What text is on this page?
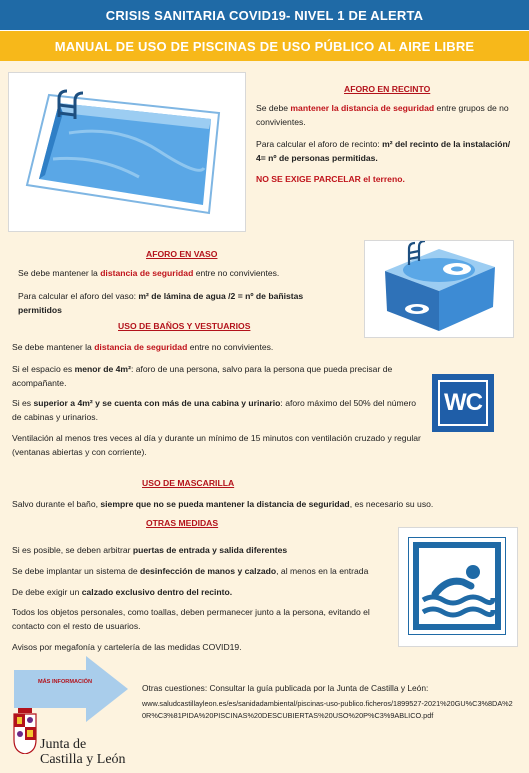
CRISIS SANITARIA COVID19- NIVEL 1 DE ALERTA
MANUAL DE USO DE PISCINAS DE USO PÚBLICO AL AIRE LIBRE
AFORO EN RECINTO
Se debe mantener la distancia de seguridad entre grupos de no convivientes.
Para calcular el aforo de recinto: m² del recinto de la instalación/ 4= nº de personas permitidas.
NO SE EXIGE PARCELAR el terreno.
AFORO EN VASO
Se debe mantener la distancia de seguridad entre no convivientes.
Para calcular el aforo del vaso: m² de lámina de agua /2 = nº de bañistas permitidos
USO DE BAÑOS Y VESTUARIOS
Se debe mantener la distancia de seguridad entre no convivientes.
Si el espacio es menor de 4m²: aforo de una persona, salvo para la persona que pueda precisar de acompañante.
Si es superior a 4m² y se cuenta con más de una cabina y urinario: aforo máximo del 50% del número de cabinas y urinarios.
Ventilación al menos tres veces al día y durante un mínimo de 15 minutos con ventilación cruzado y regular (ventanas abiertas y con corriente).
WC
USO DE MASCARILLA
Salvo durante el baño, siempre que no se pueda mantener la distancia de seguridad, es necesario su uso.
OTRAS MEDIDAS
Si es posible, se deben arbitrar puertas de entrada y salida diferentes
Se debe implantar un sistema de desinfección de manos y calzado, al menos en la entrada
De debe exigir un calzado exclusivo dentro del recinto.
Todos los objetos personales, como toallas, deben permanecer junto a la persona, evitando el contacto con el resto de usuarios.
Avisos por megafonía y cartelería de las medidas COVID19.
MÁS INFORMACIÓN
Otras cuestiones: Consultar la guía publicada por la Junta de Castilla y León:
www.saludcastillayleon.es/es/sanidadambiental/piscinas-uso-publico.ficheros/1899527-2021%20GU%C3%8DA%20R%C3%81PIDA%20PISCINAS%20DESCUBIERTAS%20USO%20P%C3%9ABLICO.pdf
Junta de
Castilla y León
